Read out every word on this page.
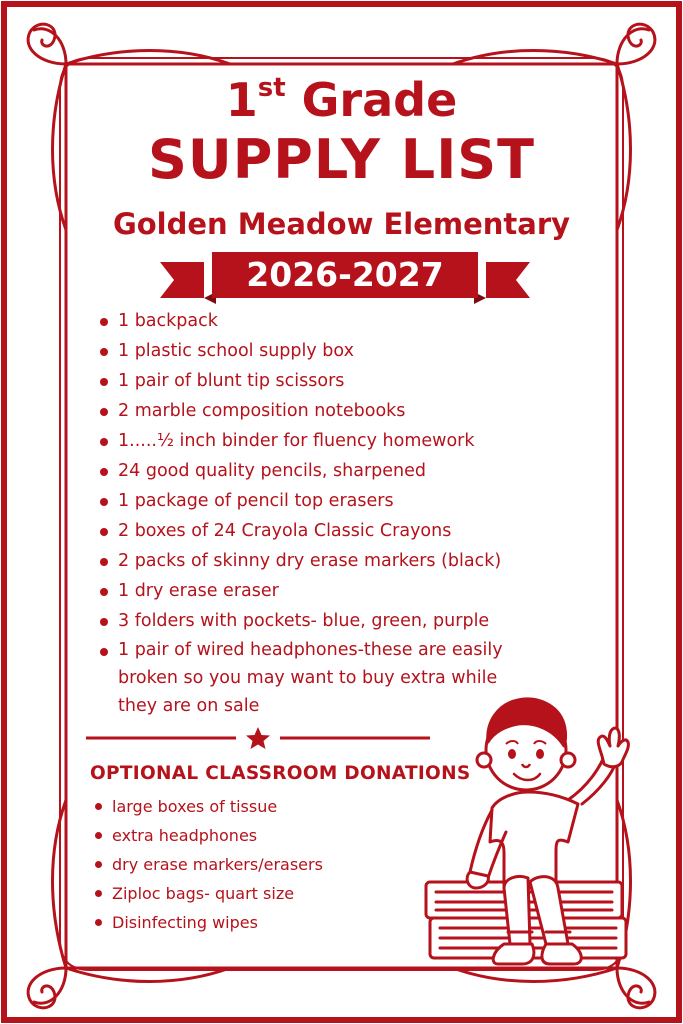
1st Grade
SUPPLY LIST
Golden Meadow Elementary
2026-2027
1 backpack
1 plastic school supply box
1 pair of blunt tip scissors
2 marble composition notebooks
1.....½ inch binder for fluency homework
24 good quality pencils, sharpened
1 package of pencil top erasers
2 boxes of 24 Crayola Classic Crayons
2 packs of skinny dry erase markers (black)
1 dry erase eraser
3 folders with pockets- blue, green, purple
1 pair of wired headphones-these are easily broken so you may want to buy extra while they are on sale
OPTIONAL CLASSROOM DONATIONS
large boxes of tissue
extra headphones
dry erase markers/erasers
Ziploc bags- quart size
Disinfecting wipes
